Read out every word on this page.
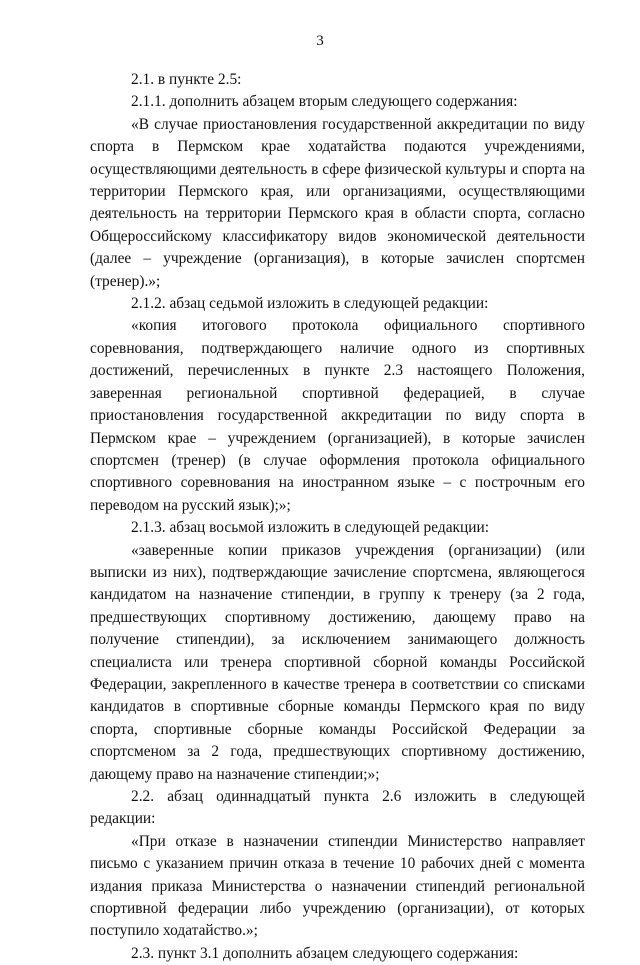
3

2.1. в пункте 2.5:

2.1.1. дополнить абзацем вторым следующего содержания:

«В случае приостановления государственной аккредитации по виду спорта в Пермском крае ходатайства подаются учреждениями, осуществляющими деятельность в сфере физической культуры и спорта на территории Пермского края, или организациями, осуществляющими деятельность на территории Пермского края в области спорта, согласно Общероссийскому классификатору видов экономической деятельности (далее – учреждение (организация), в которые зачислен спортсмен (тренер).»;

2.1.2. абзац седьмой изложить в следующей редакции:

«копия итогового протокола официального спортивного соревнования, подтверждающего наличие одного из спортивных достижений, перечисленных в пункте 2.3 настоящего Положения, заверенная региональной спортивной федерацией, в случае приостановления государственной аккредитации по виду спорта в Пермском крае – учреждением (организацией), в которые зачислен спортсмен (тренер) (в случае оформления протокола официального спортивного соревнования на иностранном языке – с построчным его переводом на русский язык);»;

2.1.3. абзац восьмой изложить в следующей редакции:

«заверенные копии приказов учреждения (организации) (или выписки из них), подтверждающие зачисление спортсмена, являющегося кандидатом на назначение стипендии, в группу к тренеру (за 2 года, предшествующих спортивному достижению, дающему право на получение стипендии), за исключением занимающего должность специалиста или тренера спортивной сборной команды Российской Федерации, закрепленного в качестве тренера в соответствии со списками кандидатов в спортивные сборные команды Пермского края по виду спорта, спортивные сборные команды Российской Федерации за спортсменом за 2 года, предшествующих спортивному достижению, дающему право на назначение стипендии;»;

2.2. абзац одиннадцатый пункта 2.6 изложить в следующей редакции:

«При отказе в назначении стипендии Министерство направляет письмо с указанием причин отказа в течение 10 рабочих дней с момента издания приказа Министерства о назначении стипендий региональной спортивной федерации либо учреждению (организации), от которых поступило ходатайство.»;

2.3. пункт 3.1 дополнить абзацем следующего содержания:
